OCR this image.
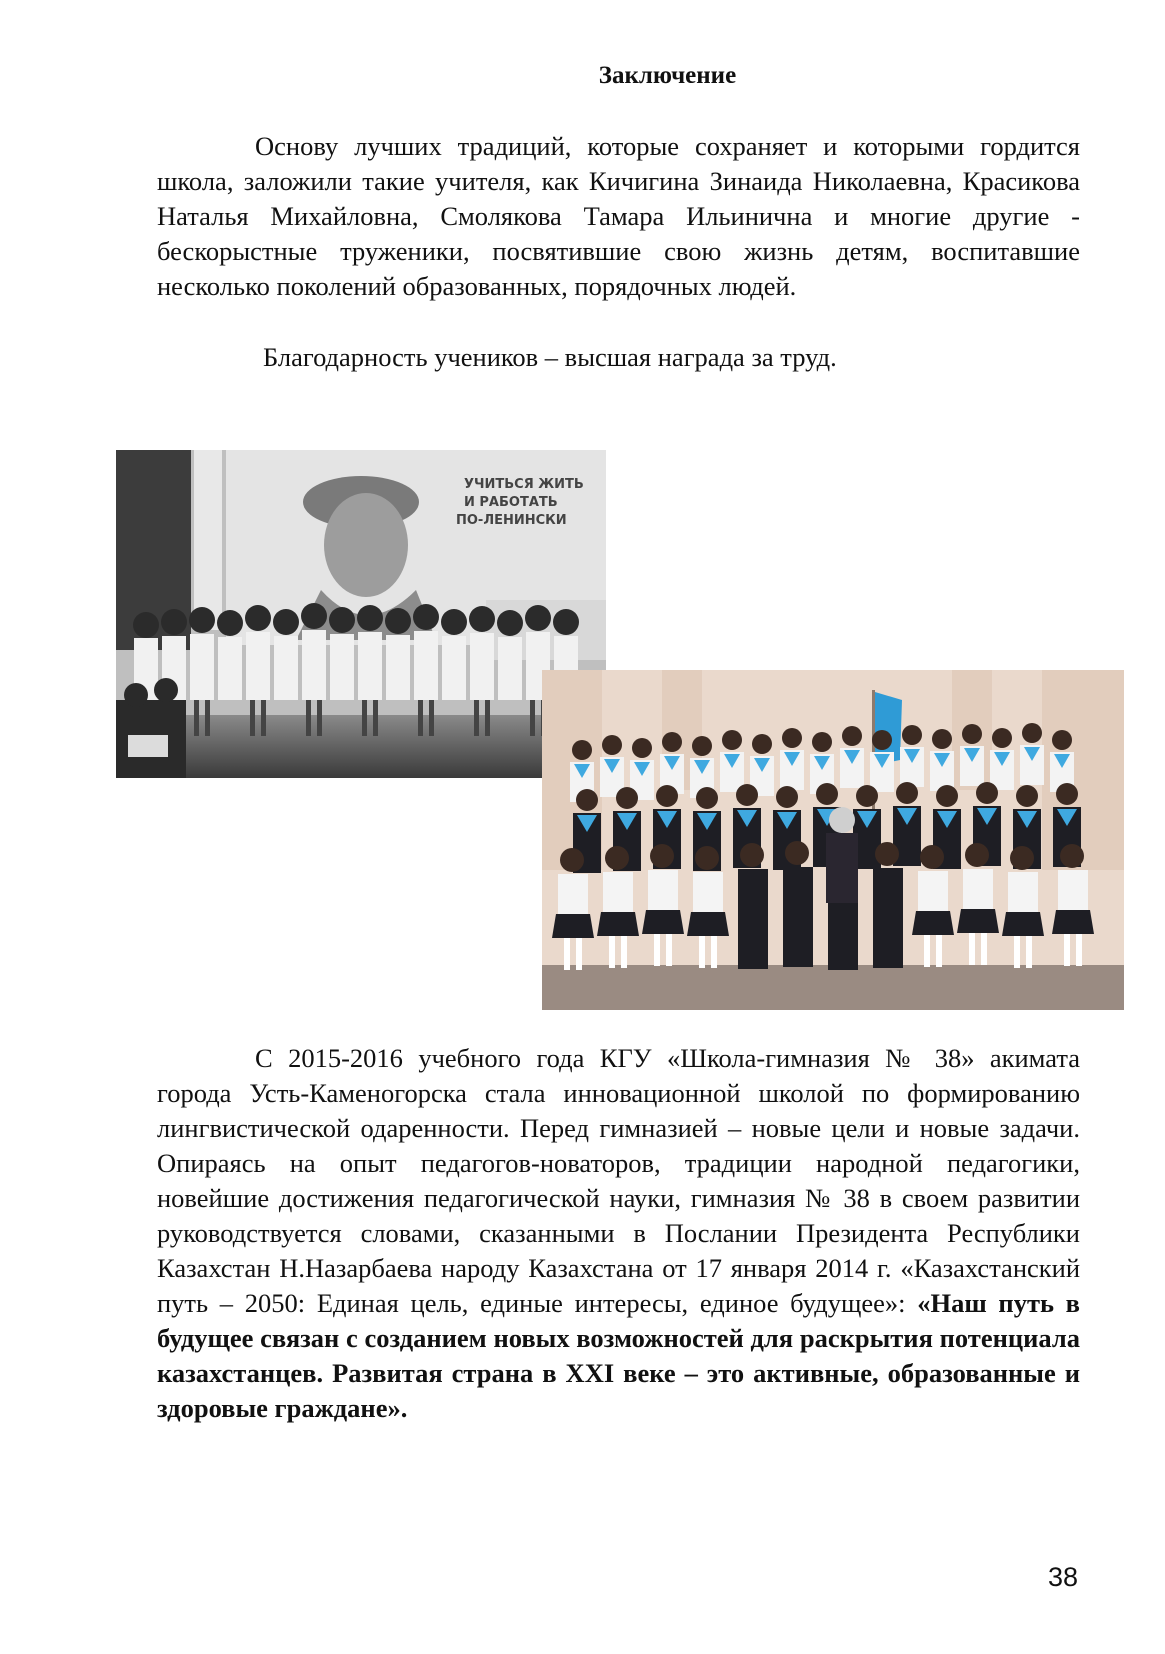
Заключение
Основу лучших традиций, которые сохраняет и которыми гордится школа, заложили такие учителя, как Кичигина Зинаида Николаевна, Красикова Наталья Михайловна, Смолякова Тамара Ильинична и многие другие - бескорыстные труженики, посвятившие свою жизнь детям, воспитавшие несколько поколений образованных, порядочных людей.
Благодарность учеников – высшая награда за труд.
УЧИТЬСЯ ЖИТЬ
И РАБОТАТЬ
ПО-ЛЕНИНСКИ
С 2015-2016 учебного года КГУ «Школа-гимназия № 38» акимата города Усть-Каменогорска стала инновационной школой по формированию лингвистической одаренности. Перед гимназией – новые цели и новые задачи. Опираясь на опыт педагогов-новаторов, традиции народной педагогики, новейшие достижения педагогической науки, гимназия № 38 в своем развитии руководствуется словами, сказанными в Послании Президента Республики Казахстан Н.Назарбаева народу Казахстана от 17 января 2014 г. «Казахстанский путь – 2050: Единая цель, единые интересы, единое будущее»: «Наш путь в будущее связан с созданием новых возможностей для раскрытия потенциала казахстанцев. Развитая страна в XXI веке – это активные, образованные и здоровые граждане».
38
